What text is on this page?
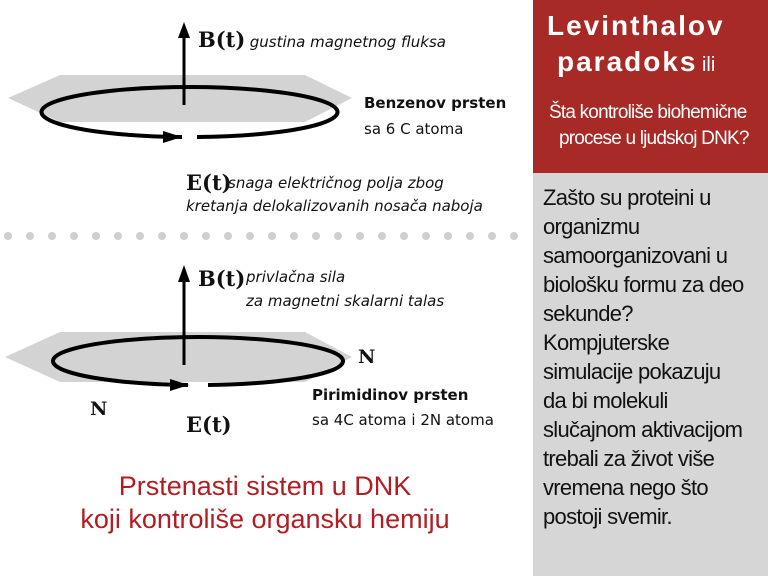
B(t) gustina magnetnog fluksa
Benzenov prsten
sa 6 C atoma
E(t)
snaga električnog polja zbog
kretanja delokalizovanih nosača naboja
B(t) privlačna sila
za magnetni skalarni talas
N
N
Pirimidinov prsten
sa 4C atoma i 2N atoma
E(t)
Prstenasti sistem u DNK
koji kontroliše organsku hemiju
Levinthalov
paradoks ili
Šta kontroliše biohemične
procese u ljudskoj DNK?
Zašto su proteini u
organizmu
samoorganizovani u
biološku formu za deo
sekunde?
Kompjuterske
simulacije pokazuju
da bi molekuli
slučajnom aktivacijom
trebali za život više
vremena nego što
postoji svemir.
